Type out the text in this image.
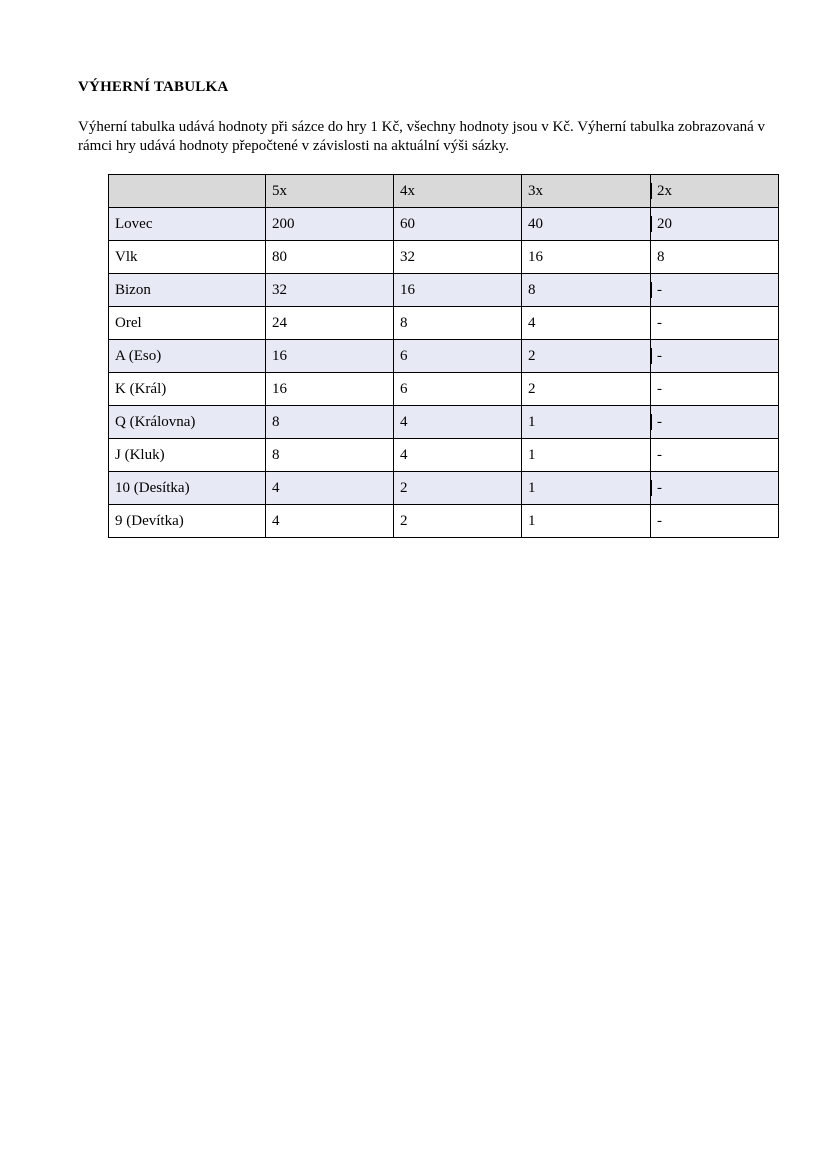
VÝHERNÍ TABULKA
Výherní tabulka udává hodnoty při sázce do hry 1 Kč, všechny hodnoty jsou v Kč. Výherní tabulka zobrazovaná v rámci hry udává hodnoty přepočtené v závislosti na aktuální výši sázky.
	5x	4x	3x	2x
Lovec	200	60	40	20
Vlk	80	32	16	8
Bizon	32	16	8	-
Orel	24	8	4	-
A (Eso)	16	6	2	-
K (Král)	16	6	2	-
Q (Královna)	8	4	1	-
J (Kluk)	8	4	1	-
10 (Desítka)	4	2	1	-
9 (Devítka)	4	2	1	-
